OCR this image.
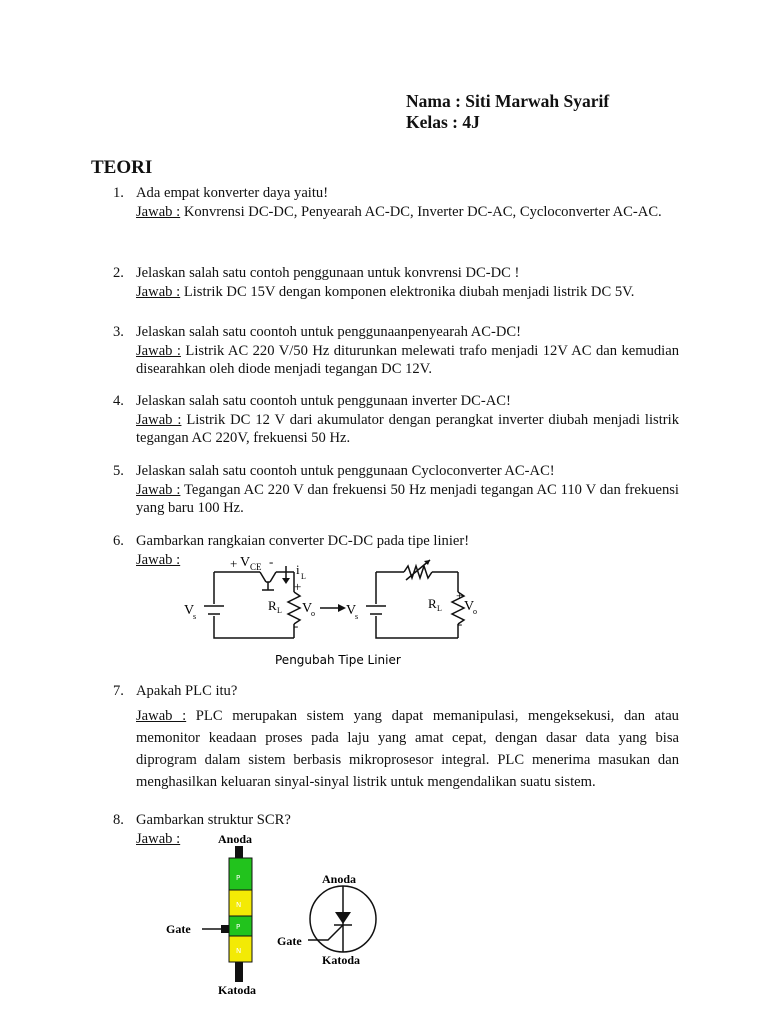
Nama : Siti Marwah Syarif
Kelas : 4J
TEORI
1. Ada empat konverter daya yaitu!
Jawab : Konvrensi DC-DC, Penyearah AC-DC, Inverter DC-AC, Cycloconverter AC-AC.
2. Jelaskan salah satu contoh penggunaan untuk konvrensi DC-DC !
Jawab : Listrik DC 15V dengan komponen elektronika diubah menjadi listrik DC 5V.
3. Jelaskan salah satu coontoh untuk penggunaanpenyearah AC-DC!
Jawab : Listrik AC 220 V/50 Hz diturunkan melewati trafo menjadi 12V AC dan kemudian disearahkan oleh diode menjadi tegangan DC 12V.
4. Jelaskan salah satu coontoh untuk penggunaan inverter DC-AC!
Jawab : Listrik DC 12 V dari akumulator dengan perangkat inverter diubah menjadi listrik tegangan AC 220V, frekuensi 50 Hz.
5. Jelaskan salah satu coontoh untuk penggunaan Cycloconverter AC-AC!
Jawab : Tegangan AC 220 V dan frekuensi 50 Hz menjadi tegangan AC 110 V dan frekuensi yang baru 100 Hz.
6. Gambarkan rangkaian converter DC-DC pada tipe linier!
Jawab :	+ V CE -
i L
+
R L V
o
-
V
s	V
s
R L
+
V
o
-
Pengubah Tipe Linier
7. Apakah PLC itu?
Jawab : PLC merupakan sistem yang dapat memanipulasi, mengeksekusi, dan atau memonitor keadaan proses pada laju yang amat cepat, dengan dasar data yang bisa diprogram dalam sistem berbasis mikroprosesor integral. PLC menerima masukan dan menghasilkan keluaran sinyal-sinyal listrik untuk mengendalikan suatu sistem.
8. Gambarkan struktur SCR?
Jawab :	Anoda
P
N
P
N
Gate
Katoda
Anoda
Gate
Katoda
